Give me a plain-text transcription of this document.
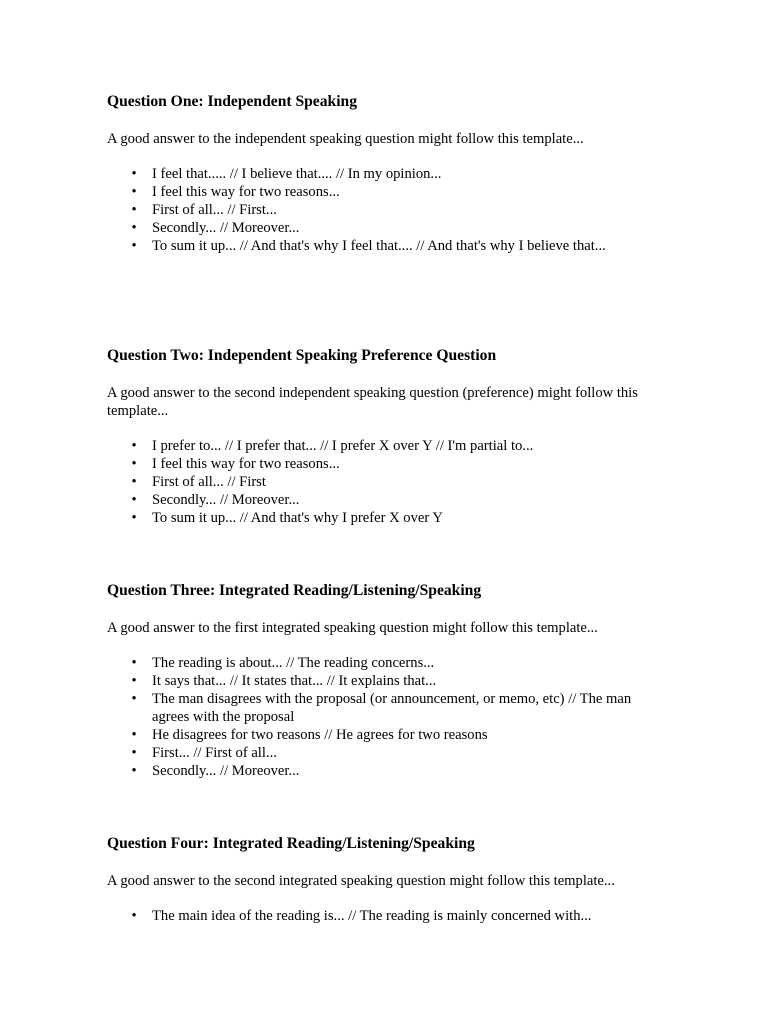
Question One: Independent Speaking

A good answer to the independent speaking question might follow this template...

• I feel that..... // I believe that.... // In my opinion...
• I feel this way for two reasons...
• First of all... // First...
• Secondly... // Moreover...
• To sum it up... // And that's why I feel that.... // And that's why I believe that...
Question Two: Independent Speaking Preference Question

A good answer to the second independent speaking question (preference) might follow this template...

• I prefer to... // I prefer that... // I prefer X over Y // I'm partial to...
• I feel this way for two reasons...
• First of all... // First
• Secondly... // Moreover...
• To sum it up... // And that's why I prefer X over Y
Question Three: Integrated Reading/Listening/Speaking

A good answer to the first integrated speaking question might follow this template...

• The reading is about... // The reading concerns...
• It says that... // It states that... // It explains that...
• The man disagrees with the proposal (or announcement, or memo, etc) // The man agrees with the proposal
• He disagrees for two reasons // He agrees for two reasons
• First... // First of all...
• Secondly... // Moreover...
Question Four: Integrated Reading/Listening/Speaking

A good answer to the second integrated speaking question might follow this template...

• The main idea of the reading is... // The reading is mainly concerned with...
